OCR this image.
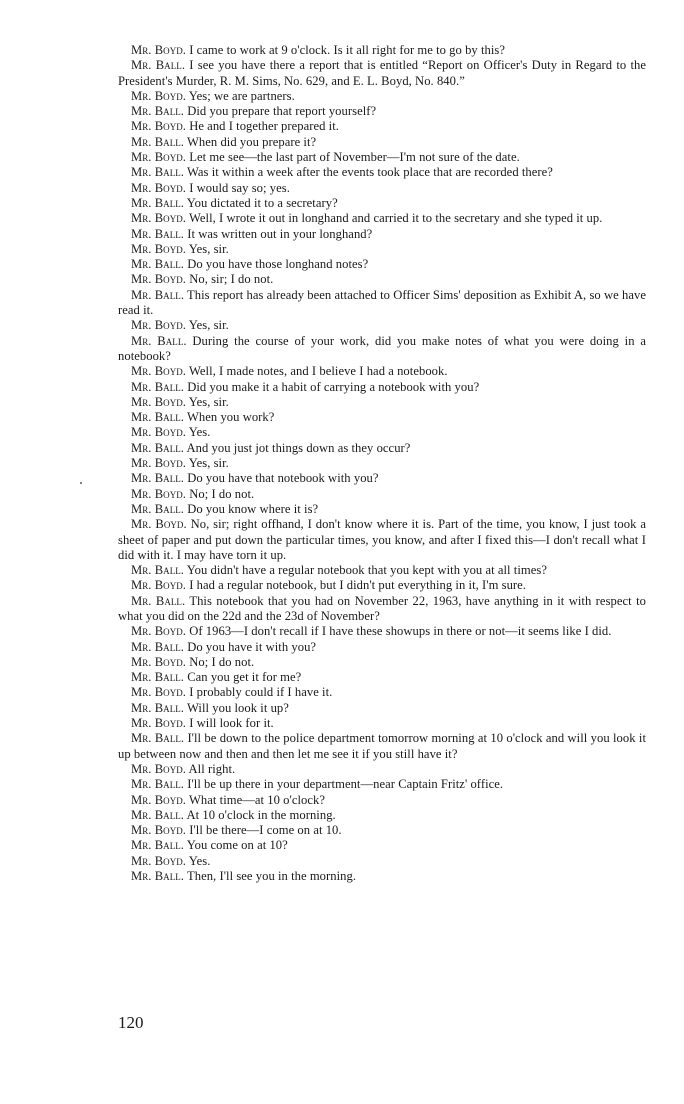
Mr. Boyd. I came to work at 9 o'clock. Is it all right for me to go by this?

Mr. Ball. I see you have there a report that is entitled “Report on Officer's Duty in Regard to the President's Murder, R. M. Sims, No. 629, and E. L. Boyd, No. 840.”

Mr. Boyd. Yes; we are partners.

Mr. Ball. Did you prepare that report yourself?

Mr. Boyd. He and I together prepared it.

Mr. Ball. When did you prepare it?

Mr. Boyd. Let me see—the last part of November—I'm not sure of the date.

Mr. Ball. Was it within a week after the events took place that are recorded there?

Mr. Boyd. I would say so; yes.

Mr. Ball. You dictated it to a secretary?

Mr. Boyd. Well, I wrote it out in longhand and carried it to the secretary and she typed it up.

Mr. Ball. It was written out in your longhand?

Mr. Boyd. Yes, sir.

Mr. Ball. Do you have those longhand notes?

Mr. Boyd. No, sir; I do not.

Mr. Ball. This report has already been attached to Officer Sims' deposition as Exhibit A, so we have read it.

Mr. Boyd. Yes, sir.

Mr. Ball. During the course of your work, did you make notes of what you were doing in a notebook?

Mr. Boyd. Well, I made notes, and I believe I had a notebook.

Mr. Ball. Did you make it a habit of carrying a notebook with you?

Mr. Boyd. Yes, sir.

Mr. Ball. When you work?

Mr. Boyd. Yes.

Mr. Ball. And you just jot things down as they occur?

Mr. Boyd. Yes, sir.

Mr. Ball. Do you have that notebook with you?

Mr. Boyd. No; I do not.

Mr. Ball. Do you know where it is?

Mr. Boyd. No, sir; right offhand, I don't know where it is. Part of the time, you know, I just took a sheet of paper and put down the particular times, you know, and after I fixed this—I don't recall what I did with it. I may have torn it up.

Mr. Ball. You didn't have a regular notebook that you kept with you at all times?

Mr. Boyd. I had a regular notebook, but I didn't put everything in it, I'm sure.

Mr. Ball. This notebook that you had on November 22, 1963, have anything in it with respect to what you did on the 22d and the 23d of November?

Mr. Boyd. Of 1963—I don't recall if I have these showups in there or not—it seems like I did.

Mr. Ball. Do you have it with you?

Mr. Boyd. No; I do not.

Mr. Ball. Can you get it for me?

Mr. Boyd. I probably could if I have it.

Mr. Ball. Will you look it up?

Mr. Boyd. I will look for it.

Mr. Ball. I'll be down to the police department tomorrow morning at 10 o'clock and will you look it up between now and then and then let me see it if you still have it?

Mr. Boyd. All right.

Mr. Ball. I'll be up there in your department—near Captain Fritz' office.

Mr. Boyd. What time—at 10 o'clock?

Mr. Ball. At 10 o'clock in the morning.

Mr. Boyd. I'll be there—I come on at 10.

Mr. Ball. You come on at 10?

Mr. Boyd. Yes.

Mr. Ball. Then, I'll see you in the morning.

120
